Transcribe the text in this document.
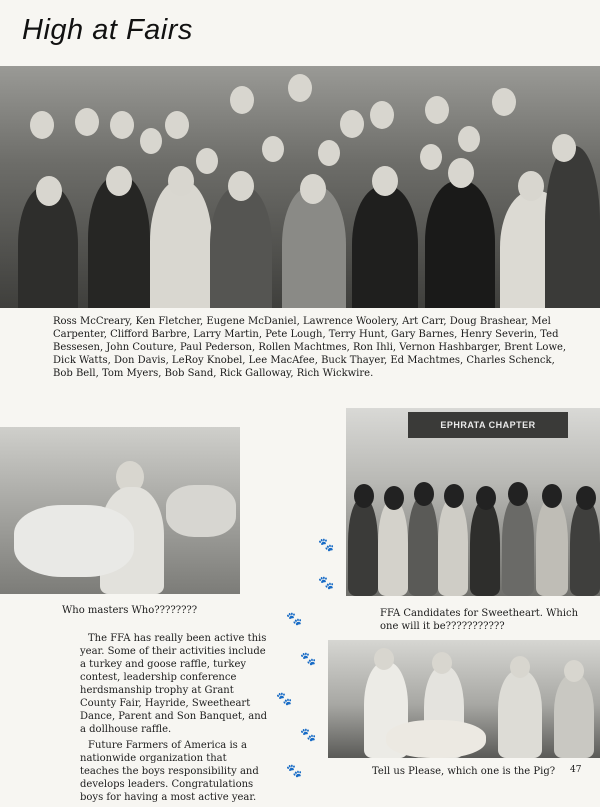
High at Fairs
Ross McCreary, Ken Fletcher, Eugene McDaniel, Lawrence Woolery, Art Carr, Doug Brashear, Mel Carpenter, Clifford Barbre, Larry Martin, Pete Lough, Terry Hunt, Gary Barnes, Henry Severin, Ted Bessesen, John Couture, Paul Pederson, Rollen Machtmes, Ron Ihli, Vernon Hashbarger, Brent Lowe, Dick Watts, Don Davis, LeRoy Knobel, Lee MacAfee, Buck Thayer, Ed Machtmes, Charles Schenck, Bob Bell, Tom Myers, Bob Sand, Rick Galloway, Rich Wickwire.
EPHRATA CHAPTER
Who masters Who????????	FFA Candidates for Sweetheart. Which one will it be???????????

The FFA has really been active this year. Some of their activities include a turkey and goose raffle, turkey contest, leadership conference herdsmanship trophy at Grant County Fair, Hayride, Sweetheart Dance, Parent and Son Banquet, and a dollhouse raffle.

Future Farmers of America is a nationwide organization that teaches the boys responsibility and develops leaders. Congratulations boys for having a most active year.

Tell us Please, which one is the Pig? 47
🐾
🐾
🐾
🐾
🐾
🐾
🐾
